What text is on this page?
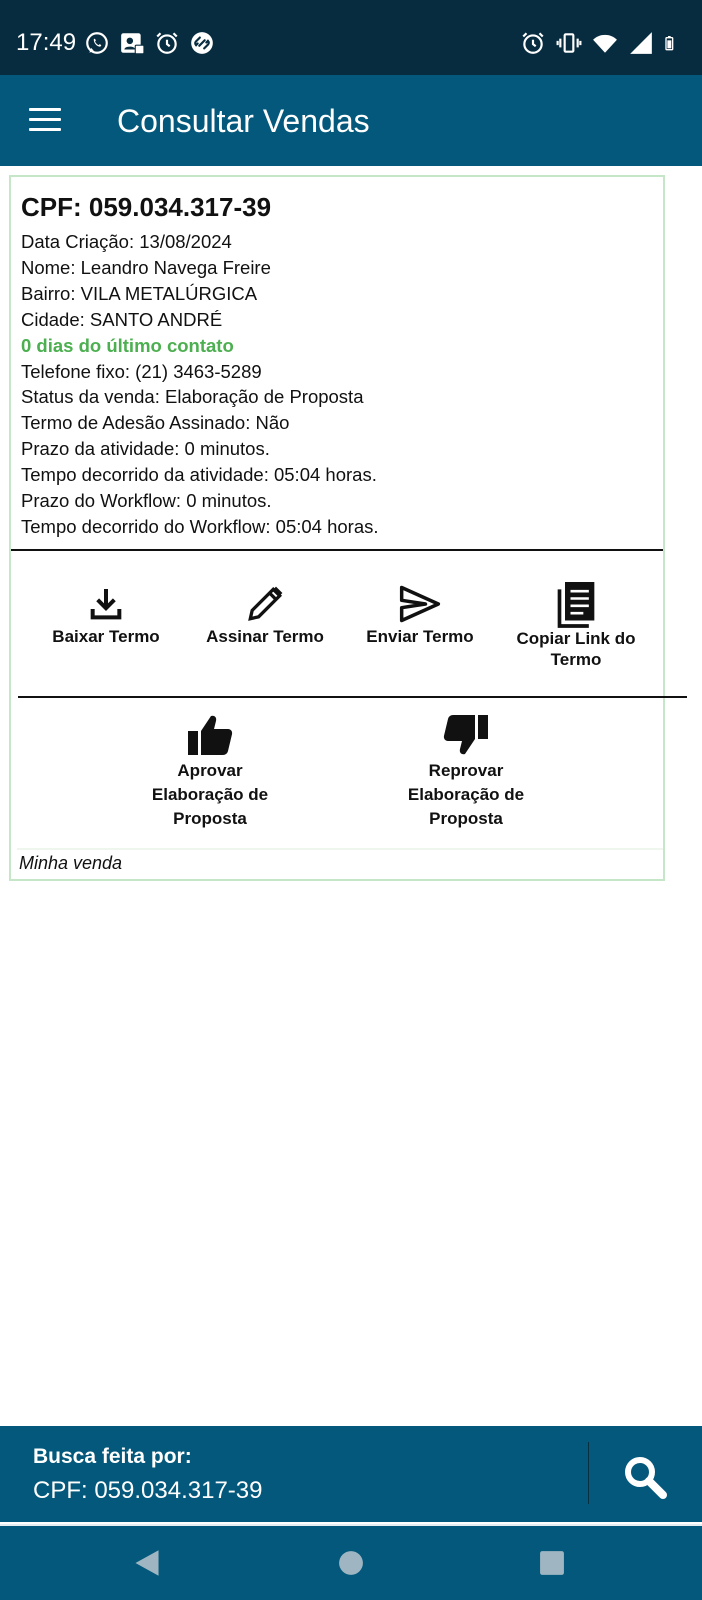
17:49
Consultar Vendas
CPF: 059.034.317-39
Data Criação: 13/08/2024
Nome: Leandro Navega Freire
Bairro: VILA METALÚRGICA
Cidade: SANTO ANDRÉ
0 dias do último contato
Telefone fixo: (21) 3463-5289
Status da venda: Elaboração de Proposta
Termo de Adesão Assinado: Não
Prazo da atividade: 0 minutos.
Tempo decorrido da atividade: 05:04 horas.
Prazo do Workflow: 0 minutos.
Tempo decorrido do Workflow: 05:04 horas.
Baixar Termo	Assinar Termo	Enviar Termo	Copiar Link do
Termo
Aprovar
Elaboração de
Proposta
Reprovar
Elaboração de
Proposta
Minha venda
Busca feita por:
CPF: 059.034.317-39
